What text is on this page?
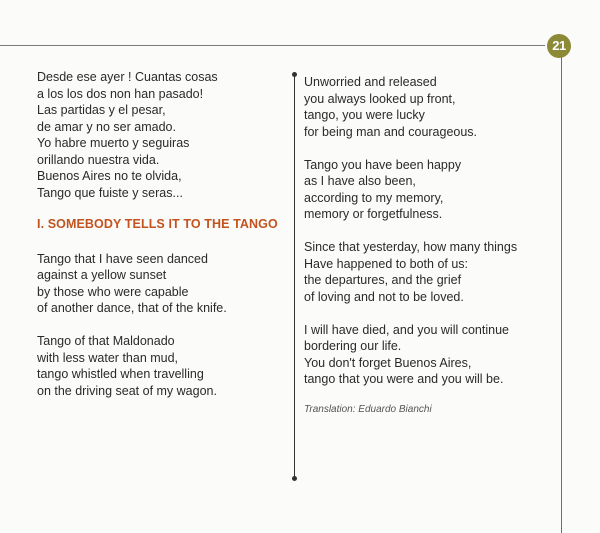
21

Desde ese ayer ! Cuantas cosas
a los los dos non han pasado!
Las partidas y el pesar,
de amar y no ser amado.
Yo habre muerto y seguiras
orillando nuestra vida.
Buenos Aires no te olvida,
Tango que fuiste y seras...

I. SOMEBODY TELLS IT TO THE TANGO

Tango that I have seen danced
against a yellow sunset
by those who were capable
of another dance, that of the knife.

Tango of that Maldonado
with less water than mud,
tango whistled when travelling
on the driving seat of my wagon.

Unworried and released
you always looked up front,
tango, you were lucky
for being man and courageous.

Tango you have been happy
as I have also been,
according to my memory,
memory or forgetfulness.

Since that yesterday, how many things
Have happened to both of us:
the departures, and the grief
of loving and not to be loved.

I will have died, and you will continue
bordering our life.
You don't forget Buenos Aires,
tango that you were and you will be.

Translation: Eduardo Bianchi
